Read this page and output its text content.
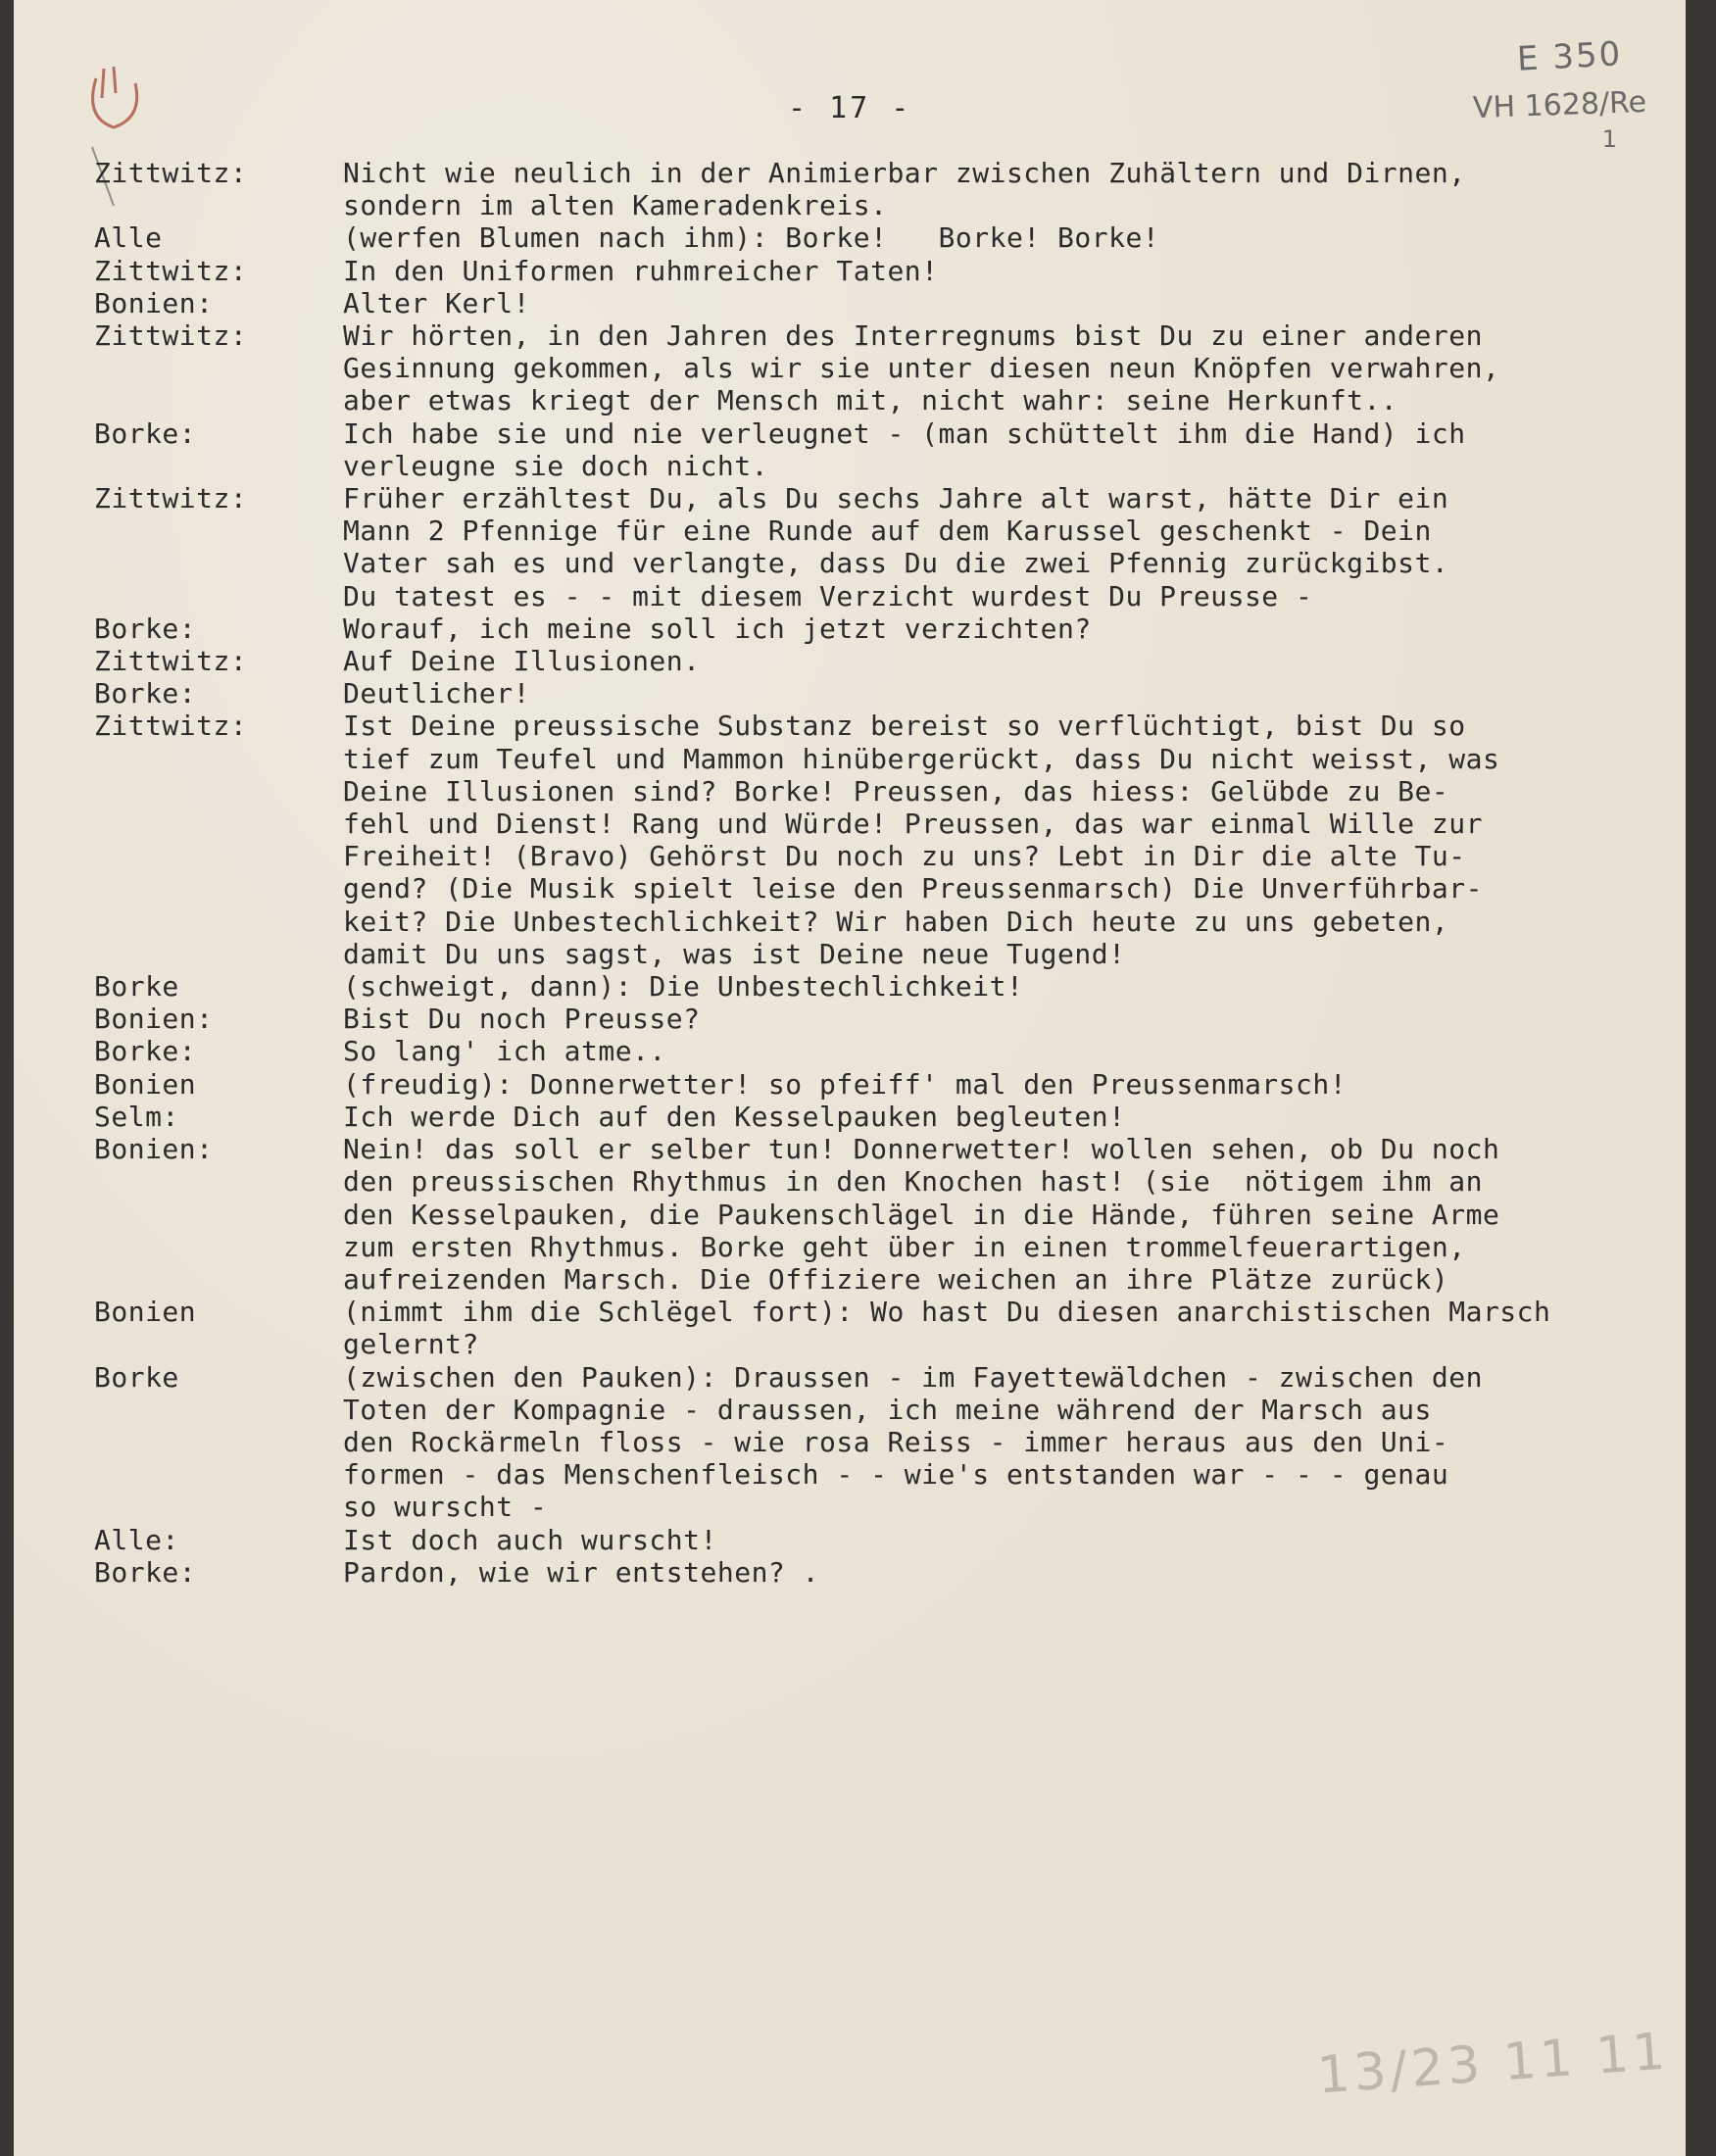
E 350
VH 1628/Re
1
- 17 -
Zittwitz:	Nicht wie neulich in der Animierbar zwischen Zuhältern und Dirnen,
sondern im alten Kameradenkreis.
Alle	(werfen Blumen nach ihm): Borke!   Borke! Borke!
Zittwitz:	In den Uniformen ruhmreicher Taten!
Bonien:	Alter Kerl!
Zittwitz:	Wir hörten, in den Jahren des Interregnums bist Du zu einer anderen
Gesinnung gekommen, als wir sie unter diesen neun Knöpfen verwahren,
aber etwas kriegt der Mensch mit, nicht wahr: seine Herkunft..
Borke:	Ich habe sie und nie verleugnet - (man schüttelt ihm die Hand) ich
verleugne sie doch nicht.
Zittwitz:	Früher erzähltest Du, als Du sechs Jahre alt warst, hätte Dir ein
Mann 2 Pfennige für eine Runde auf dem Karussel geschenkt - Dein
Vater sah es und verlangte, dass Du die zwei Pfennig zurückgibst.
Du tatest es - - mit diesem Verzicht wurdest Du Preusse -
Borke:	Worauf, ich meine soll ich jetzt verzichten?
Zittwitz:	Auf Deine Illusionen.
Borke:	Deutlicher!
Zittwitz:	Ist Deine preussische Substanz bereist so verflüchtigt, bist Du so
tief zum Teufel und Mammon hinübergerückt, dass Du nicht weisst, was
Deine Illusionen sind? Borke! Preussen, das hiess: Gelübde zu Be-
fehl und Dienst! Rang und Würde! Preussen, das war einmal Wille zur
Freiheit! (Bravo) Gehörst Du noch zu uns? Lebt in Dir die alte Tu-
gend? (Die Musik spielt leise den Preussenmarsch) Die Unverführbar-
keit? Die Unbestechlichkeit? Wir haben Dich heute zu uns gebeten,
damit Du uns sagst, was ist Deine neue Tugend!
Borke	(schweigt, dann): Die Unbestechlichkeit!
Bonien:	Bist Du noch Preusse?
Borke:	So lang' ich atme..
Bonien	(freudig): Donnerwetter! so pfeiff' mal den Preussenmarsch!
Selm:	Ich werde Dich auf den Kesselpauken begleuten!
Bonien:	Nein! das soll er selber tun! Donnerwetter! wollen sehen, ob Du noch
den preussischen Rhythmus in den Knochen hast! (sie  nötigem ihm an
den Kesselpauken, die Paukenschlägel in die Hände, führen seine Arme
zum ersten Rhythmus. Borke geht über in einen trommelfeuerartigen,
aufreizenden Marsch. Die Offiziere weichen an ihre Plätze zurück)
Bonien	(nimmt ihm die Schlëgel fort): Wo hast Du diesen anarchistischen Marsch
gelernt?
Borke	(zwischen den Pauken): Draussen - im Fayettewäldchen - zwischen den
Toten der Kompagnie - draussen, ich meine während der Marsch aus
den Rockärmeln floss - wie rosa Reiss - immer heraus aus den Uni-
formen - das Menschenfleisch - - wie's entstanden war - - - genau
so wurscht -
Alle:	Ist doch auch wurscht!
Borke:	Pardon, wie wir entstehen? .
13/23 11 11
